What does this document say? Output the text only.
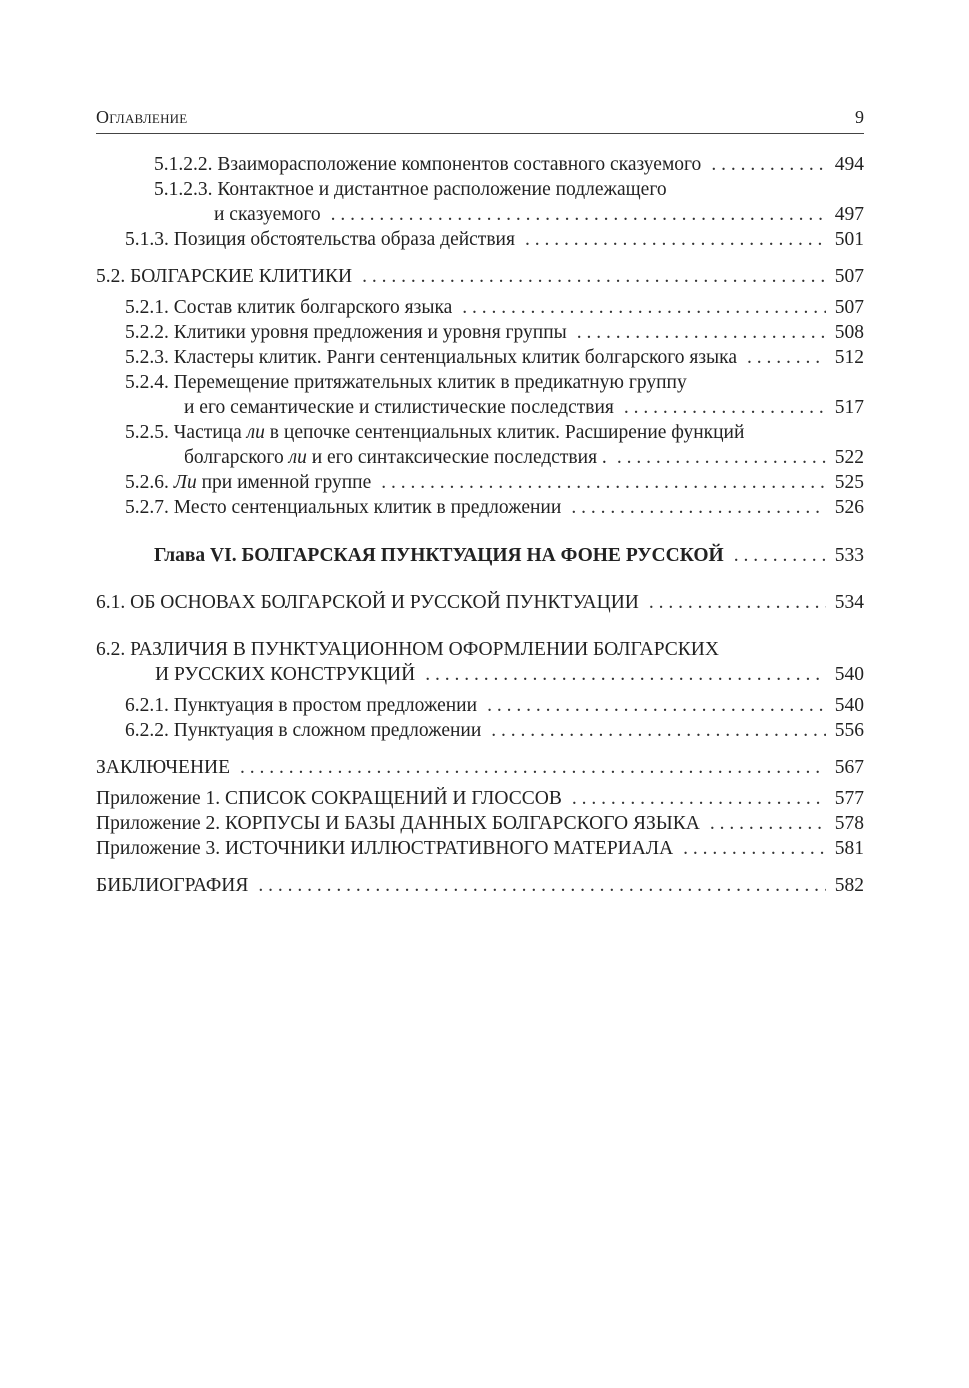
Оглавление	9
5.1.2.2. Взаиморасположение компонентов составного сказуемого . . .	494
5.1.2.3. Контактное и дистантное расположение подлежащего
и сказуемого . . .	497
5.1.3. Позиция обстоятельства образа действия . . .	501
5.2. БОЛГАРСКИЕ КЛИТИКИ . . .	507
5.2.1. Состав клитик болгарского языка . . .	507
5.2.2. Клитики уровня предложения и уровня группы . . .	508
5.2.3. Кластеры клитик. Ранги сентенциальных клитик болгарского языка . . .	512
5.2.4. Перемещение притяжательных клитик в предикатную группу
и его семантические и стилистические последствия . . .	517
5.2.5. Частица ли в цепочке сентенциальных клитик. Расширение функций
болгарского ли и его синтаксические последствия . . . .	522
5.2.6. Ли при именной группе . . .	525
5.2.7. Место сентенциальных клитик в предложении . . .	526
Глава VI. БОЛГАРСКАЯ ПУНКТУАЦИЯ НА ФОНЕ РУССКОЙ . . .	533
6.1. ОБ ОСНОВАХ БОЛГАРСКОЙ И РУССКОЙ ПУНКТУАЦИИ . . .	534
6.2. РАЗЛИЧИЯ В ПУНКТУАЦИОННОМ ОФОРМЛЕНИИ БОЛГАРСКИХ
И РУССКИХ КОНСТРУКЦИЙ . . .	540
6.2.1. Пунктуация в простом предложении . . .	540
6.2.2. Пунктуация в сложном предложении . . .	556
ЗАКЛЮЧЕНИЕ . . .	567
Приложение 1. СПИСОК СОКРАЩЕНИЙ И ГЛОССОВ . . .	577
Приложение 2. КОРПУСЫ И БАЗЫ ДАННЫХ БОЛГАРСКОГО ЯЗЫКА . . .	578
Приложение 3. ИСТОЧНИКИ ИЛЛЮСТРАТИВНОГО МАТЕРИАЛА . . .	581
БИБЛИОГРАФИЯ . . .	582
